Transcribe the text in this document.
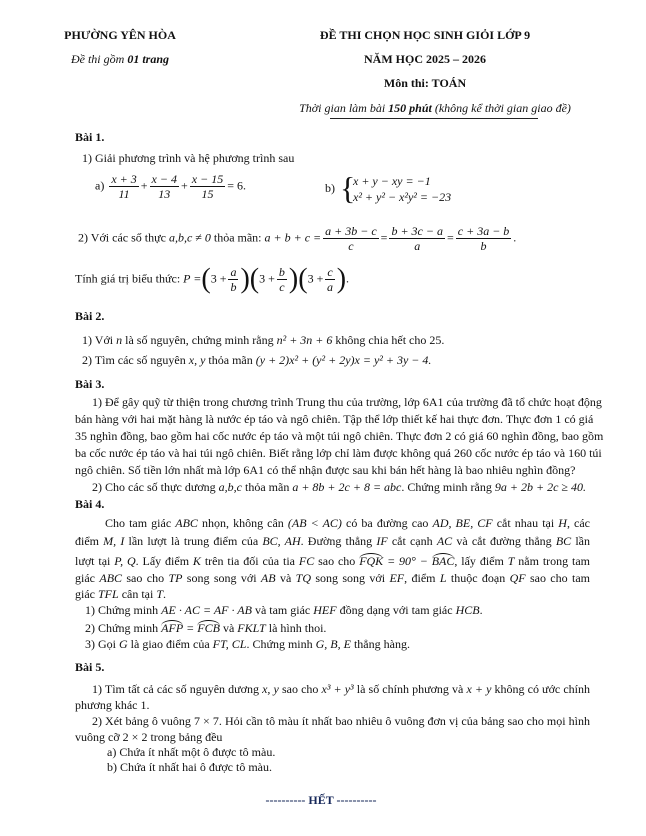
PHƯỜNG YÊN HÒA
Đề thi gồm 01 trang
ĐỀ THI CHỌN HỌC SINH GIỎI LỚP 9
NĂM HỌC 2025 – 2026
Môn thi: TOÁN
Thời gian làm bài 150 phút (không kể thời gian giao đề)
Bài 1.
1) Giải phương trình và hệ phương trình sau
$a) \frac{x + 3}{11} + \frac{x - 4}{13} + \frac{x - 15}{15} = 6$.	b) {
x + y − xy = −1
x² + y² − x²y² = −23
2) Với các số thực a,b,c ≠ 0 thỏa mãn: $a + b + c = \frac{a + 3b - c}{c} = \frac{b + 3c - a}{a} = \frac{c + 3a - b}{b}$ .
Tính giá trị biểu thức: $P =(3 + \frac{a}{b} )(3 + \frac{b}{c} )(3 + \frac{c}{a}$ ).
Bài 2.
1) Với n là số nguyên, chứng minh rằng n² + 3n + 6 không chia hết cho 25.
2) Tìm các số nguyên x, y thỏa mãn (y + 2)x² + (y² + 2y)x = y² + 3y − 4.
Bài 3.
1) Để gây quỹ từ thiện trong chương trình Trung thu của trường, lớp 6A1 của trường đã tổ chức hoạt động
bán hàng với hai mặt hàng là nước ép táo và ngô chiên. Tập thể lớp thiết kế hai thực đơn. Thực đơn 1 có giá
35 nghìn đồng, bao gồm hai cốc nước ép táo và một túi ngô chiên. Thực đơn 2 có giá 60 nghìn đồng, bao gồm
ba cốc nước ép táo và hai túi ngô chiên. Biết rằng lớp chỉ làm được không quá 260 cốc nước ép táo và 160 túi
ngô chiên. Số tiền lớn nhất mà lớp 6A1 có thể nhận được sau khi bán hết hàng là bao nhiêu nghìn đồng?
2) Cho các số thực dương a,b,c thỏa mãn a + 8b + 2c + 8 = abc. Chứng minh rằng 9a + 2b + 2c ≥ 40.
Bài 4.
Cho tam giác ABC nhọn, không cân (AB < AC) có ba đường cao AD, BE, CF cắt nhau tại H, các
điểm M, I lần lượt là trung điểm của BC, AH. Đường thẳng IF cắt cạnh AC và cắt đường thẳng BC lần
lượt tại P, Q. Lấy điểm K trên tia đối của tia FC sao cho FQK = 90° − BAC, lấy điểm T nằm trong tam
giác ABC sao cho TP song song với AB và TQ song song với EF, điểm L thuộc đoạn QF sao cho tam
giác TFL cân tại T.
1) Chứng minh AE · AC = AF · AB và tam giác HEF đồng dạng với tam giác HCB.
2) Chứng minh AFP = FCB và FKLT là hình thoi.
3) Gọi G là giao điểm của FT, CL. Chứng minh G, B, E thẳng hàng.
Bài 5.
1) Tìm tất cả các số nguyên dương x, y sao cho x³ + y³ là số chính phương và x + y không có ước chính
phương khác 1.
2) Xét bảng ô vuông 7 × 7. Hỏi cần tô màu ít nhất bao nhiêu ô vuông đơn vị của bảng sao cho mọi hình
vuông cỡ 2 × 2 trong bảng đều
a) Chứa ít nhất một ô được tô màu.
b) Chứa ít nhất hai ô được tô màu.
---------- HẾT ----------
